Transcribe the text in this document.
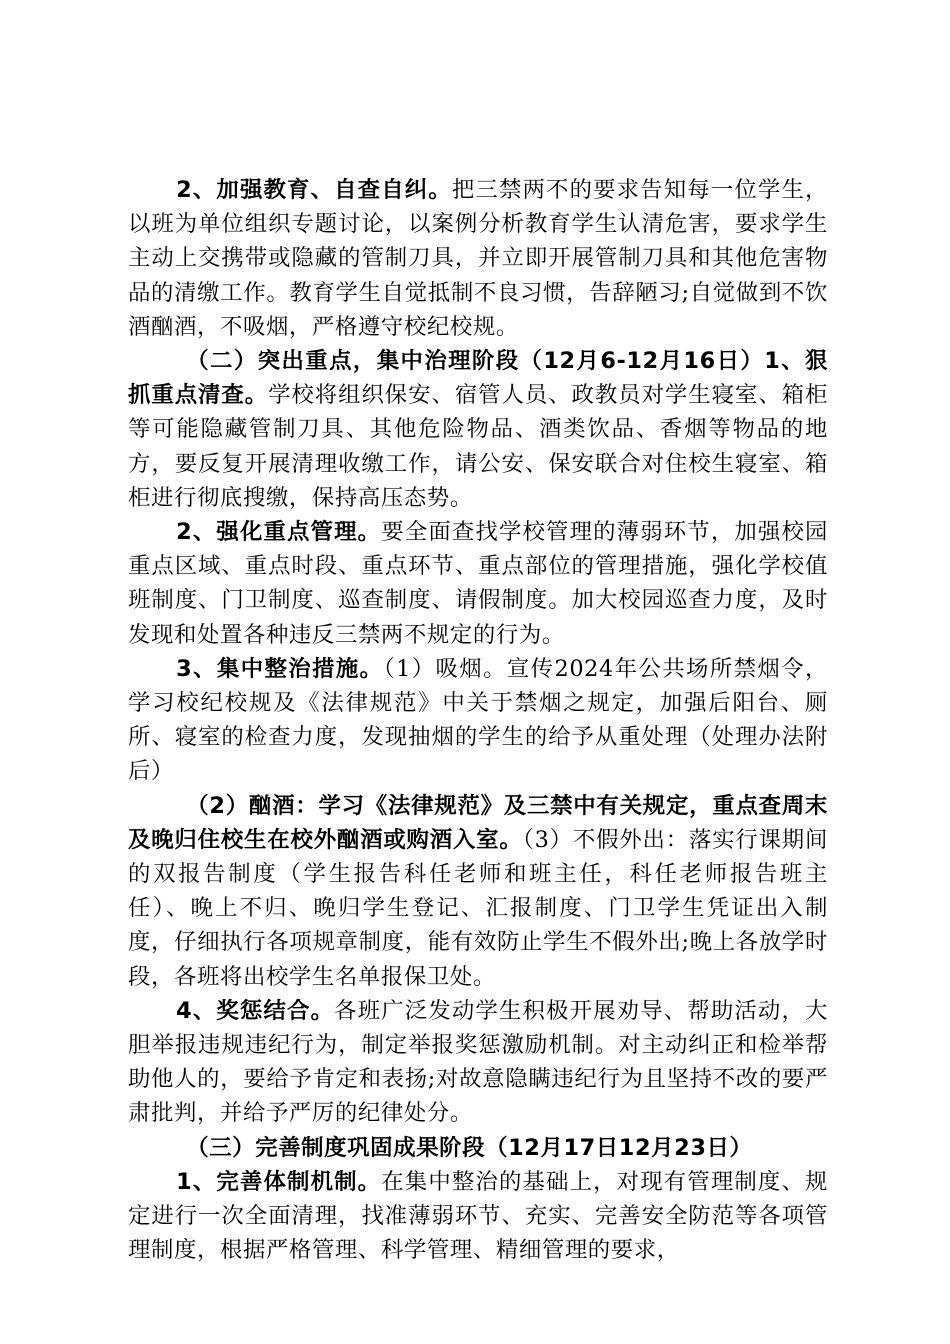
2、加强教育、自查自纠。把三禁两不的要求告知每一位学生，以班为单位组织专题讨论，以案例分析教育学生认清危害，要求学生主动上交携带或隐藏的管制刀具，并立即开展管制刀具和其他危害物品的清缴工作。教育学生自觉抵制不良习惯，告辞陋习;自觉做到不饮酒酗酒，不吸烟，严格遵守校纪校规。

（二）突出重点，集中治理阶段（12月6-12月16日）1、狠抓重点清查。学校将组织保安、宿管人员、政教员对学生寝室、箱柜等可能隐藏管制刀具、其他危险物品、酒类饮品、香烟等物品的地方，要反复开展清理收缴工作，请公安、保安联合对住校生寝室、箱柜进行彻底搜缴，保持高压态势。

2、强化重点管理。要全面查找学校管理的薄弱环节，加强校园重点区域、重点时段、重点环节、重点部位的管理措施，强化学校值班制度、门卫制度、巡查制度、请假制度。加大校园巡查力度，及时发现和处置各种违反三禁两不规定的行为。

3、集中整治措施。（1）吸烟。宣传2024年公共场所禁烟令，学习校纪校规及《法律规范》中关于禁烟之规定，加强后阳台、厕所、寝室的检查力度，发现抽烟的学生的给予从重处理（处理办法附后）

（2）酗酒：学习《法律规范》及三禁中有关规定，重点查周末及晚归住校生在校外酗酒或购酒入室。（3）不假外出：落实行课期间的双报告制度（学生报告科任老师和班主任，科任老师报告班主任）、晚上不归、晚归学生登记、汇报制度、门卫学生凭证出入制度，仔细执行各项规章制度，能有效防止学生不假外出;晚上各放学时段，各班将出校学生名单报保卫处。

4、奖惩结合。各班广泛发动学生积极开展劝导、帮助活动，大胆举报违规违纪行为，制定举报奖惩激励机制。对主动纠正和检举帮助他人的，要给予肯定和表扬;对故意隐瞒违纪行为且坚持不改的要严肃批判，并给予严厉的纪律处分。

（三）完善制度巩固成果阶段（12月17日12月23日）

1、完善体制机制。在集中整治的基础上，对现有管理制度、规定进行一次全面清理，找准薄弱环节、充实、完善安全防范等各项管理制度，根据严格管理、科学管理、精细管理的要求，
